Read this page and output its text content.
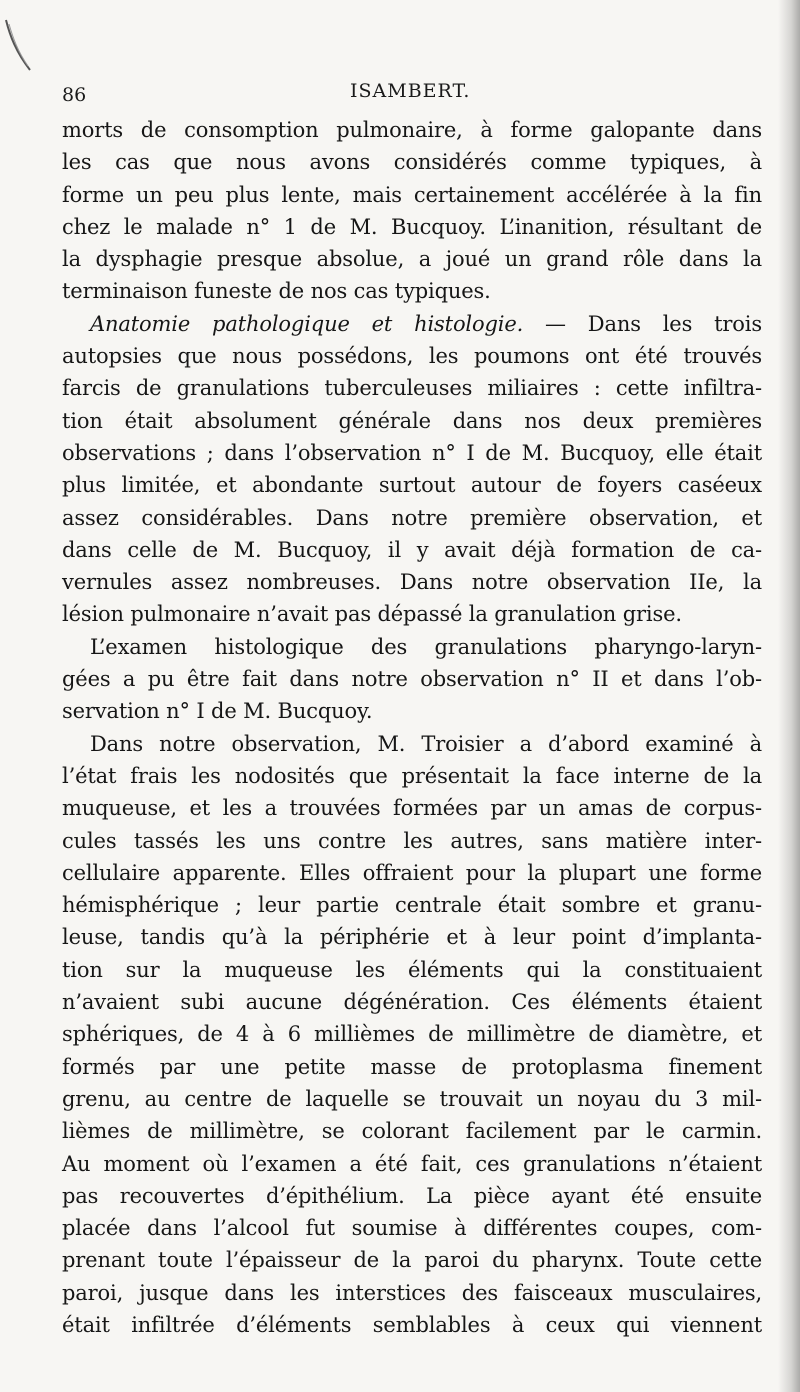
86	ISAMBERT.
morts de consomption pulmonaire, à forme galopante dans
les cas que nous avons considérés comme typiques, à
forme un peu plus lente, mais certainement accélérée à la fin
chez le malade n° 1 de M. Bucquoy. L’inanition, résultant de
la dysphagie presque absolue, a joué un grand rôle dans la
terminaison funeste de nos cas typiques.
Anatomie pathologique et histologie. — Dans les trois
autopsies que nous possédons, les poumons ont été trouvés
farcis de granulations tuberculeuses miliaires : cette infiltra-
tion était absolument générale dans nos deux premières
observations ; dans l’observation n° I de M. Bucquoy, elle était
plus limitée, et abondante surtout autour de foyers caséeux
assez considérables. Dans notre première observation, et
dans celle de M. Bucquoy, il y avait déjà formation de ca-
vernules assez nombreuses. Dans notre observation IIe, la
lésion pulmonaire n’avait pas dépassé la granulation grise.
L’examen histologique des granulations pharyngo-laryn-
gées a pu être fait dans notre observation n° II et dans l’ob-
servation n° I de M. Bucquoy.
Dans notre observation, M. Troisier a d’abord examiné à
l’état frais les nodosités que présentait la face interne de la
muqueuse, et les a trouvées formées par un amas de corpus-
cules tassés les uns contre les autres, sans matière inter-
cellulaire apparente. Elles offraient pour la plupart une forme
hémisphérique ; leur partie centrale était sombre et granu-
leuse, tandis qu’à la périphérie et à leur point d’implanta-
tion sur la muqueuse les éléments qui la constituaient
n’avaient subi aucune dégénération. Ces éléments étaient
sphériques, de 4 à 6 millièmes de millimètre de diamètre, et
formés par une petite masse de protoplasma finement
grenu, au centre de laquelle se trouvait un noyau du 3 mil-
lièmes de millimètre, se colorant facilement par le carmin.
Au moment où l’examen a été fait, ces granulations n’étaient
pas recouvertes d’épithélium. La pièce ayant été ensuite
placée dans l’alcool fut soumise à différentes coupes, com-
prenant toute l’épaisseur de la paroi du pharynx. Toute cette
paroi, jusque dans les interstices des faisceaux musculaires,
était infiltrée d’éléments semblables à ceux qui viennent
